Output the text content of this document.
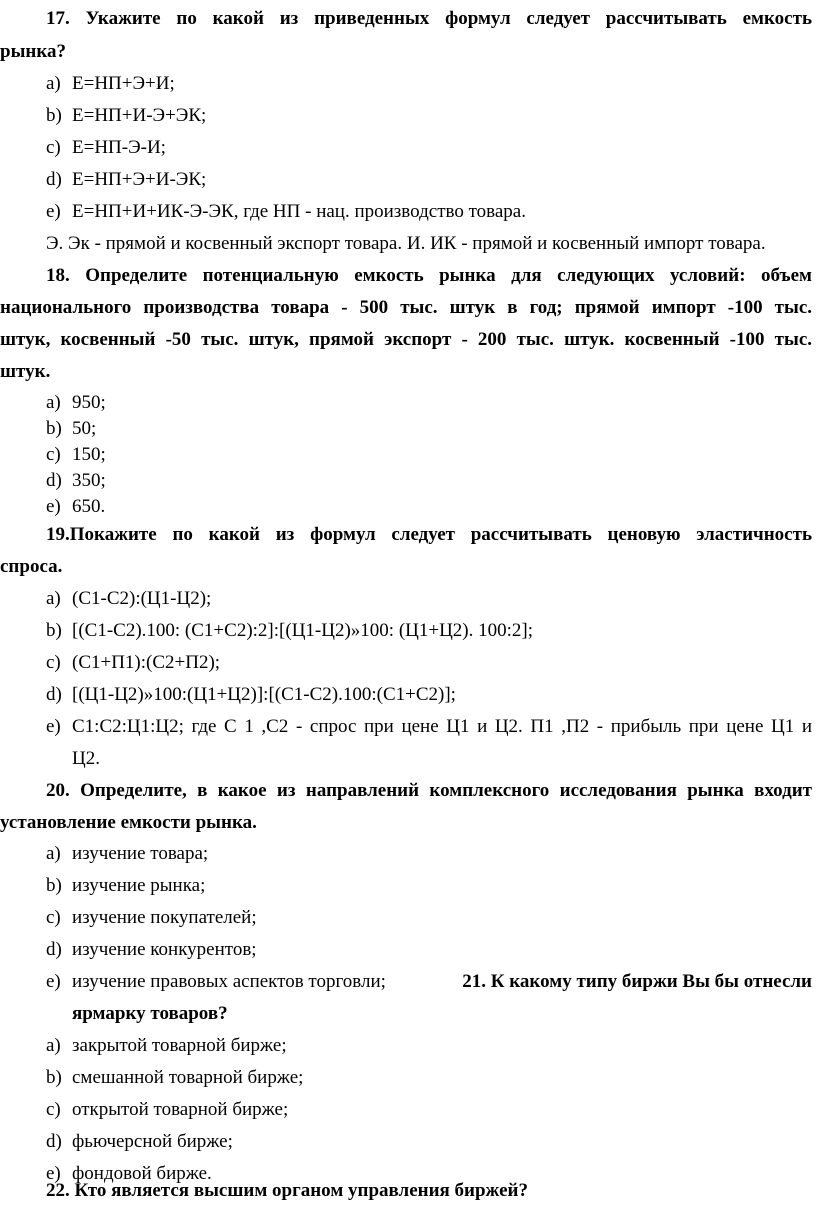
17. Укажите по какой из приведенных формул следует рассчитывать емкость
рынка?
a) Е=НП+Э+И;
b) Е=НП+И-Э+ЭК;
c) Е=НП-Э-И;
d) Е=НП+Э+И-ЭК;
e) Е=НП+И+ИК-Э-ЭК, где НП - нац. производство товара.
Э. Эк - прямой и косвенный экспорт товара. И. ИК - прямой и косвенный импорт товара.
18. Определите потенциальную емкость рынка для следующих условий: объем
национального производства товара - 500 тыс. штук в год; прямой импорт -100 тыс.
штук, косвенный -50 тыс. штук, прямой экспорт - 200 тыс. штук. косвенный -100 тыс.
штук.
a) 950;
b) 50;
c) 150;
d) 350;
e) 650.
19.Покажите по какой из формул следует рассчитывать ценовую эластичность
спроса.
a) (С1-С2):(Ц1-Ц2);
b) [(С1-С2).100: (С1+С2):2]:[(Ц1-Ц2)»100: (Ц1+Ц2). 100:2];
c) (С1+П1):(С2+П2);
d) [(Ц1-Ц2)»100:(Ц1+Ц2)]:[(С1-С2).100:(С1+С2)];
e) С1:С2:Ц1:Ц2; где С 1 ,С2 - спрос при цене Ц1 и Ц2. П1 ,П2 - прибыль при цене Ц1 и
Ц2.
20. Определите, в какое из направлений комплексного исследования рынка входит
установление емкости рынка.
a) изучение товара;
b) изучение рынка;
c) изучение покупателей;
d) изучение конкурентов;
e) изучение правовых аспектов торговли;	21. К какому типу биржи Вы бы отнесли
ярмарку товаров?
a) закрытой товарной бирже;
b) смешанной товарной бирже;
c) открытой товарной бирже;
d) фьючерсной бирже;
e) фондовой бирже.
22. Кто является высшим органом управления биржей?
